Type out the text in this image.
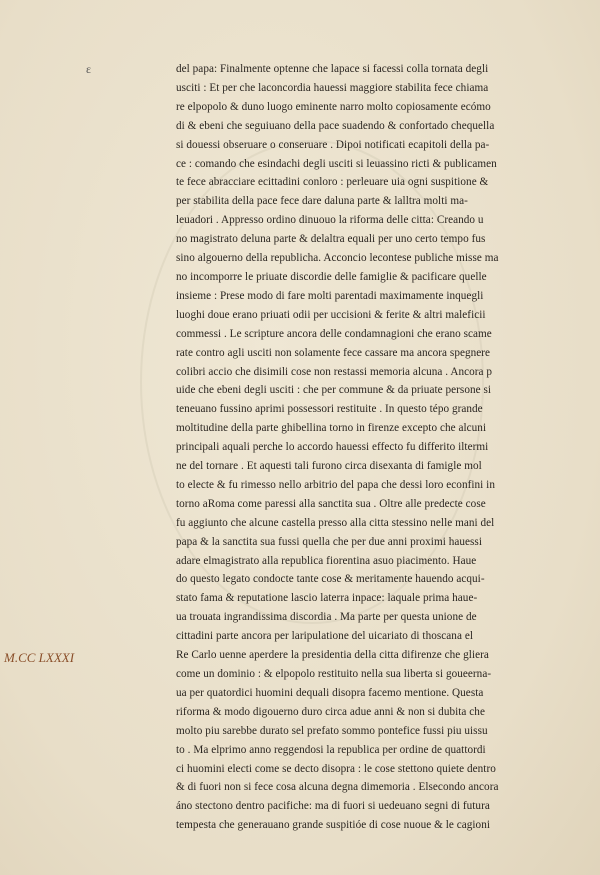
ε
M.CC LXXXI
del papa: Finalmente optenne che lapace si facessi colla tornata degli
usciti : Et per che laconcordia hauessi maggiore stabilita fece chiama
re elpopolo & duno luogo eminente narro molto copiosamente ecómo
di & ebeni che seguiuano della pace suadendo & confortado chequella
si douessi obseruare o conseruare . Dipoi notificati ecapitoli della pa-
ce : comando che esindachi degli usciti si leuassino ricti & publicamen
te fece abracciare ecittadini conloro : perleuare uia ogni suspitione &
per stabilita della pace fece dare daluna parte & lalltra molti ma-
leuadori . Appresso ordino dinuouo la riforma delle citta: Creando u
no magistrato deluna parte & delaltra equali per uno certo tempo fus
sino algouerno della republicha. Acconcio lecontese publiche misse ma
no incomporre le priuate discordie delle famiglie & pacificare quelle
insieme : Prese modo di fare molti parentadi maximamente inquegli
luoghi doue erano priuati odii per uccisioni & ferite & altri maleficii
commessi . Le scripture ancora delle condamnagioni che erano scame
rate contro agli usciti non solamente fece cassare ma ancora spegnere
colibri accio che disimili cose non restassi memoria alcuna . Ancora p
uide che ebeni degli usciti : che per commune & da priuate persone si
teneuano fussino aprimi possessori restituite . In questo tépo grande
moltitudine della parte ghibellina torno in firenze excepto che alcuni
principali aquali perche lo accordo hauessi effecto fu differito iltermi
ne del tornare . Et aquesti tali furono circa disexanta di famigle mol
to electe & fu rimesso nello arbitrio del papa che dessi loro econfini in
torno aRoma come paressi alla sanctita sua . Oltre alle predecte cose
fu aggiunto che alcune castella presso alla citta stessino nelle mani del
papa & la sanctita sua fussi quella che per due anni proximi hauessi
adare elmagistrato alla republica fiorentina asuo piacimento. Haue
do questo legato condocte tante cose & meritamente hauendo acqui-
stato fama & reputatione lascio laterra inpace: laquale prima haue-
ua trouata ingrandissima discordia . Ma parte per questa unione de
cittadini parte ancora per laripulatione del uicariato di thoscana el
Re Carlo uenne aperdere la presidentia della citta difirenze che gliera
come un dominio : & elpopolo restituito nella sua liberta si goueerna-
ua per quatordici huomini dequali disopra facemo mentione. Questa
riforma & modo digouerno duro circa adue anni & non si dubita che
molto piu sarebbe durato sel prefato sommo pontefice fussi piu uissu
to . Ma elprimo anno reggendosi la republica per ordine de quattordi
ci huomini electi come se decto disopra : le cose stettono quiete dentro
& di fuori non si fece cosa alcuna degna dimemoria . Elsecondo ancora
áno stectono dentro pacifiche: ma di fuori si uedeuano segni di futura
tempesta che generauano grande suspitióe di cose nuoue & le cagioni
